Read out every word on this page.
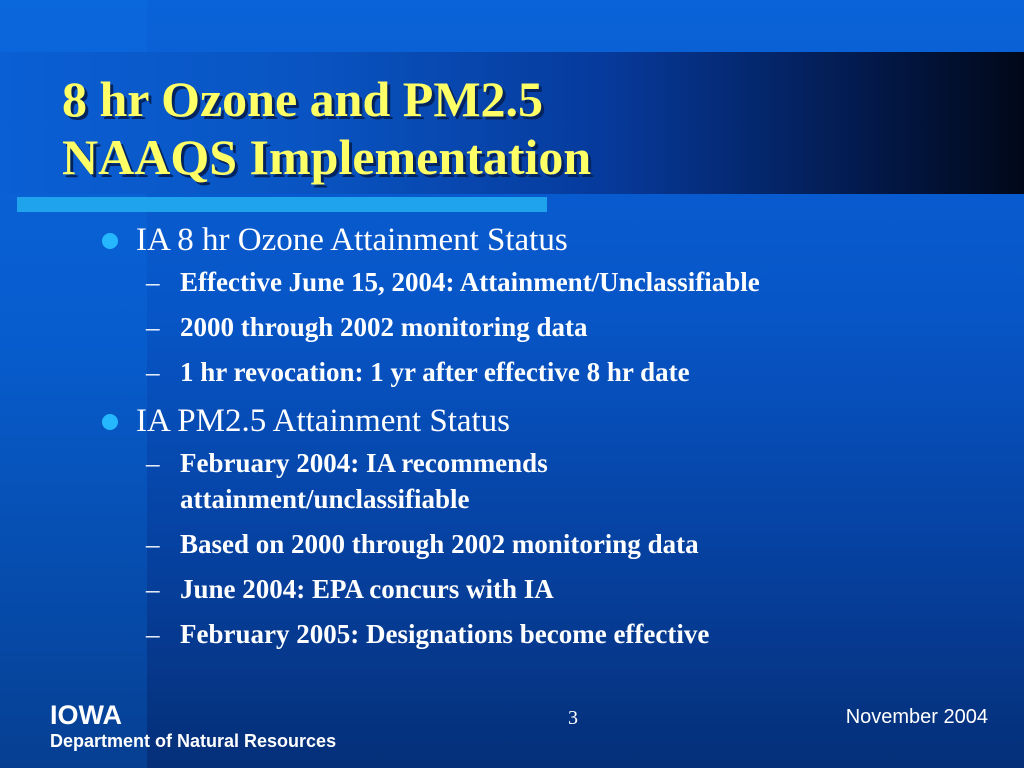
8 hr Ozone and PM2.5
NAAQS Implementation
IA 8 hr Ozone Attainment Status
– Effective June 15, 2004: Attainment/Unclassifiable
– 2000 through 2002 monitoring data
– 1 hr revocation: 1 yr after effective 8 hr date
IA PM2.5 Attainment Status
– February 2004: IA recommends
attainment/unclassifiable
– Based on 2000 through 2002 monitoring data
– June 2004: EPA concurs with IA
– February 2005: Designations become effective
IOWA
Department of Natural Resources
3	November 2004
